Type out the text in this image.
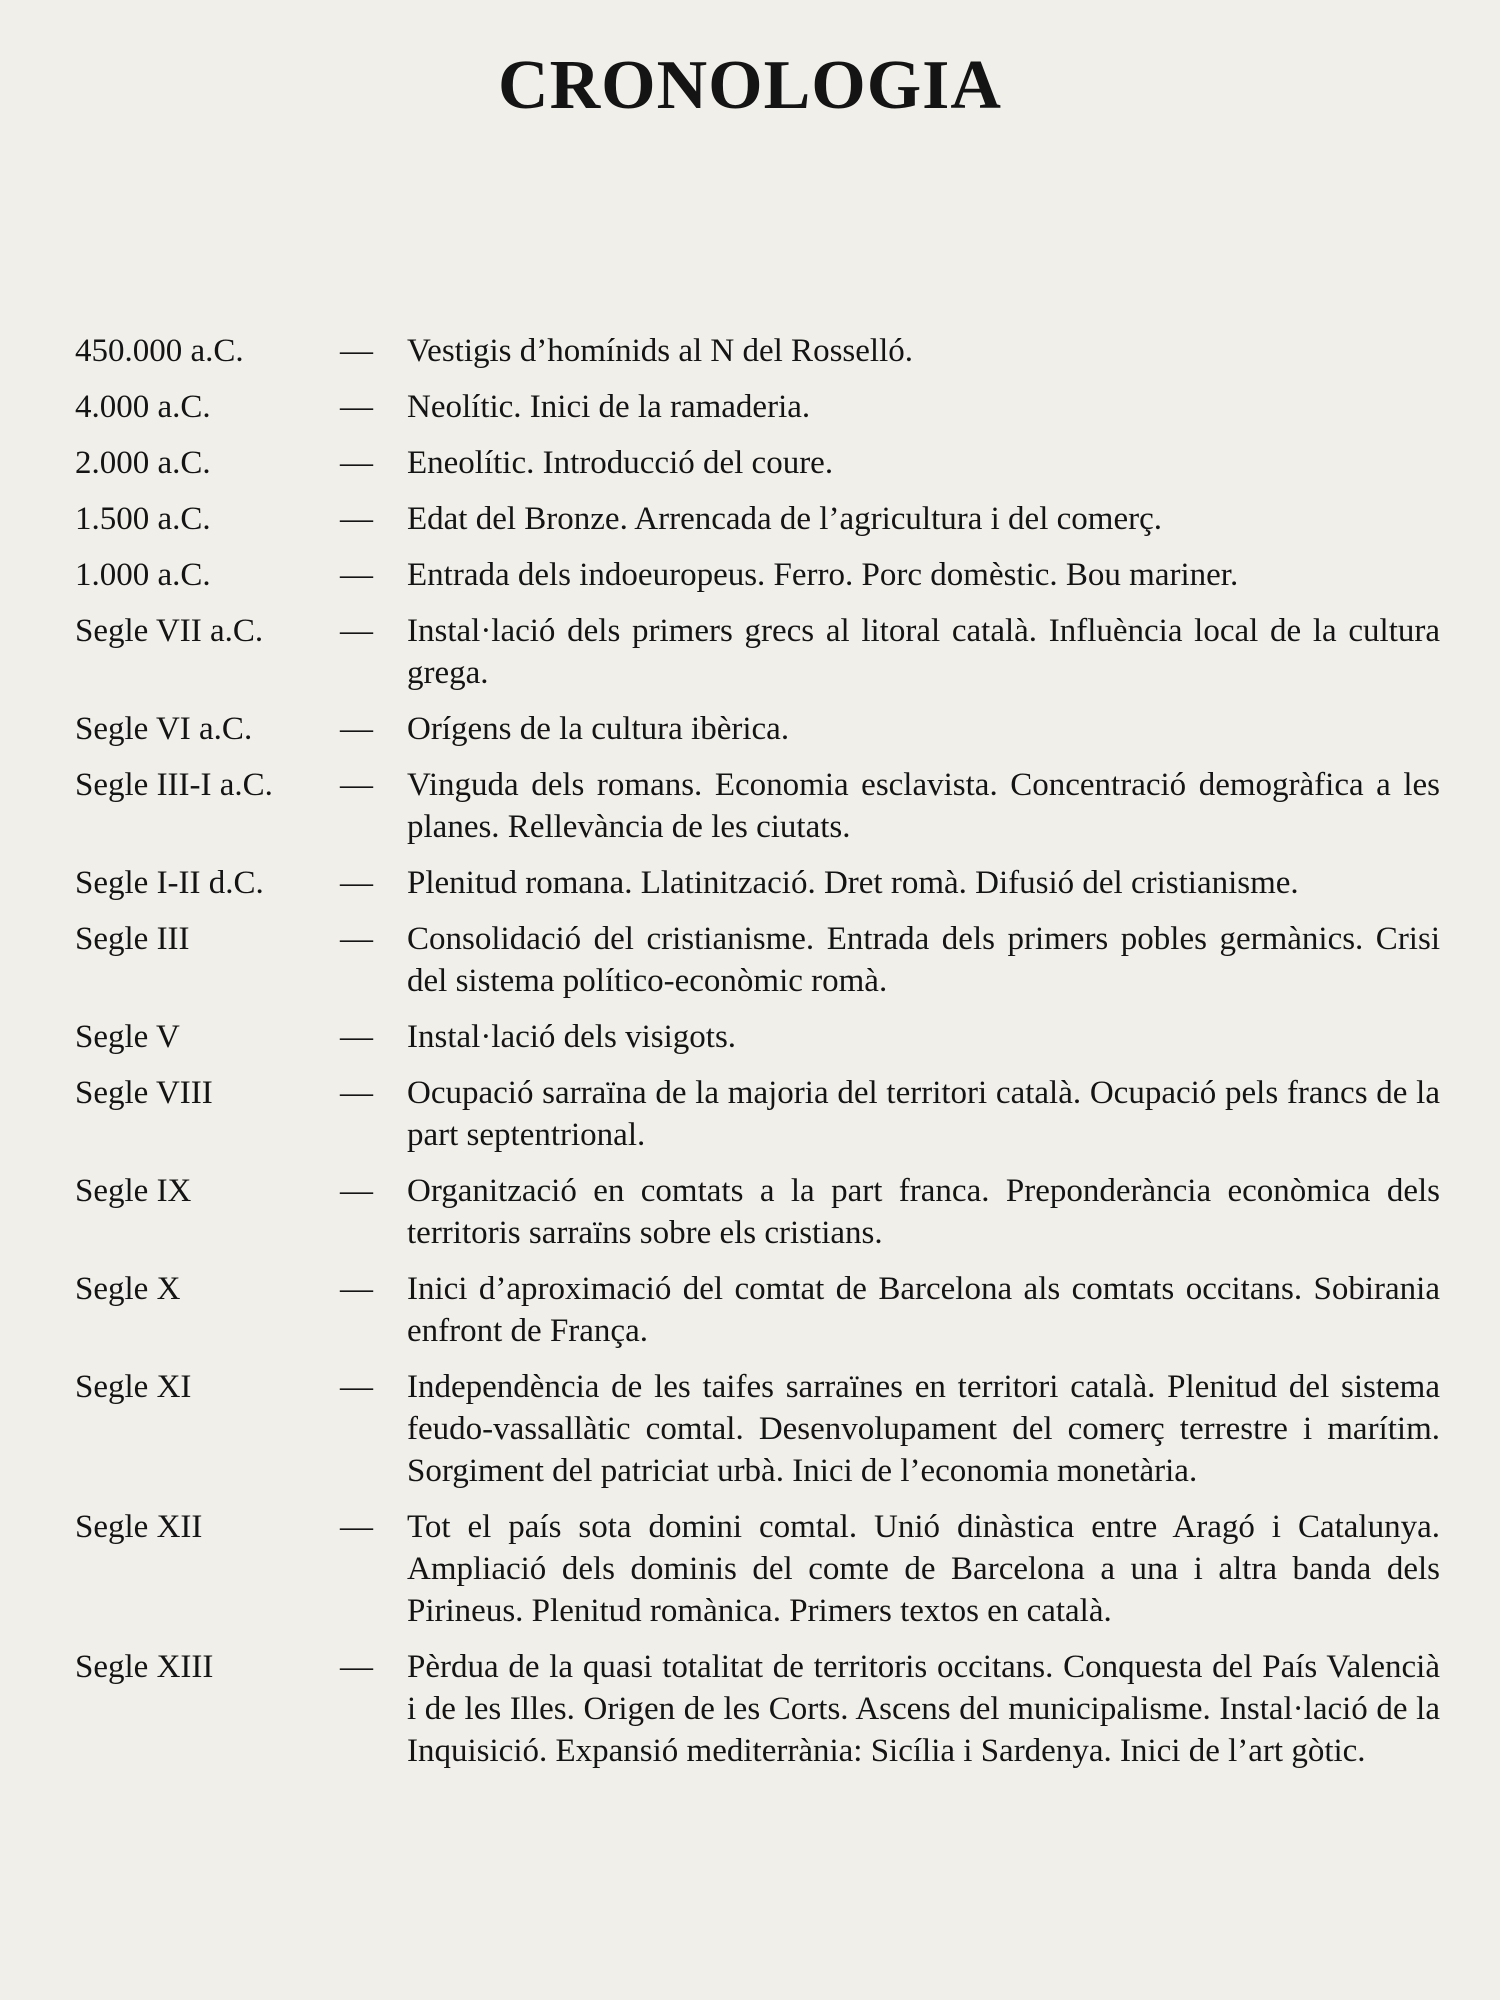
CRONOLOGIA
450.000 a.C.	—	Vestigis d’homínids al N del Rosselló.
4.000 a.C.	—	Neolític. Inici de la ramaderia.
2.000 a.C.	—	Eneolític. Introducció del coure.
1.500 a.C.	—	Edat del Bronze. Arrencada de l’agricultura i del comerç.
1.000 a.C.	—	Entrada dels indoeuropeus. Ferro. Porc domèstic. Bou mariner.
Segle VII a.C.	—	Instal·lació dels primers grecs al litoral català. Influència local de la cultura grega.
Segle VI a.C.	—	Orígens de la cultura ibèrica.
Segle III-I a.C.	—	Vinguda dels romans. Economia esclavista. Concentració demogràfica a les planes. Rellevància de les ciutats.
Segle I-II d.C.	—	Plenitud romana. Llatinització. Dret romà. Difusió del cristianisme.
Segle III	—	Consolidació del cristianisme. Entrada dels primers pobles germànics. Crisi del sistema político-econòmic romà.
Segle V	—	Instal·lació dels visigots.
Segle VIII	—	Ocupació sarraïna de la majoria del territori català. Ocupació pels francs de la part septentrional.
Segle IX	—	Organització en comtats a la part franca. Preponderància econòmica dels territoris sarraïns sobre els cristians.
Segle X	—	Inici d’aproximació del comtat de Barcelona als comtats occitans. Sobirania enfront de França.
Segle XI	—	Independència de les taifes sarraïnes en territori català. Plenitud del sistema feudo-vassallàtic comtal. Desenvolupament del comerç terrestre i marítim. Sorgiment del patriciat urbà. Inici de l’economia monetària.
Segle XII	—	Tot el país sota domini comtal. Unió dinàstica entre Aragó i Catalunya. Ampliació dels dominis del comte de Barcelona a una i altra banda dels Pirineus. Plenitud romànica. Primers textos en català.
Segle XIII	—	Pèrdua de la quasi totalitat de territoris occitans. Conquesta del País Valencià i de les Illes. Origen de les Corts. Ascens del municipalisme. Instal·lació de la Inquisició. Expansió mediterrània: Sicília i Sardenya. Inici de l’art gòtic.
